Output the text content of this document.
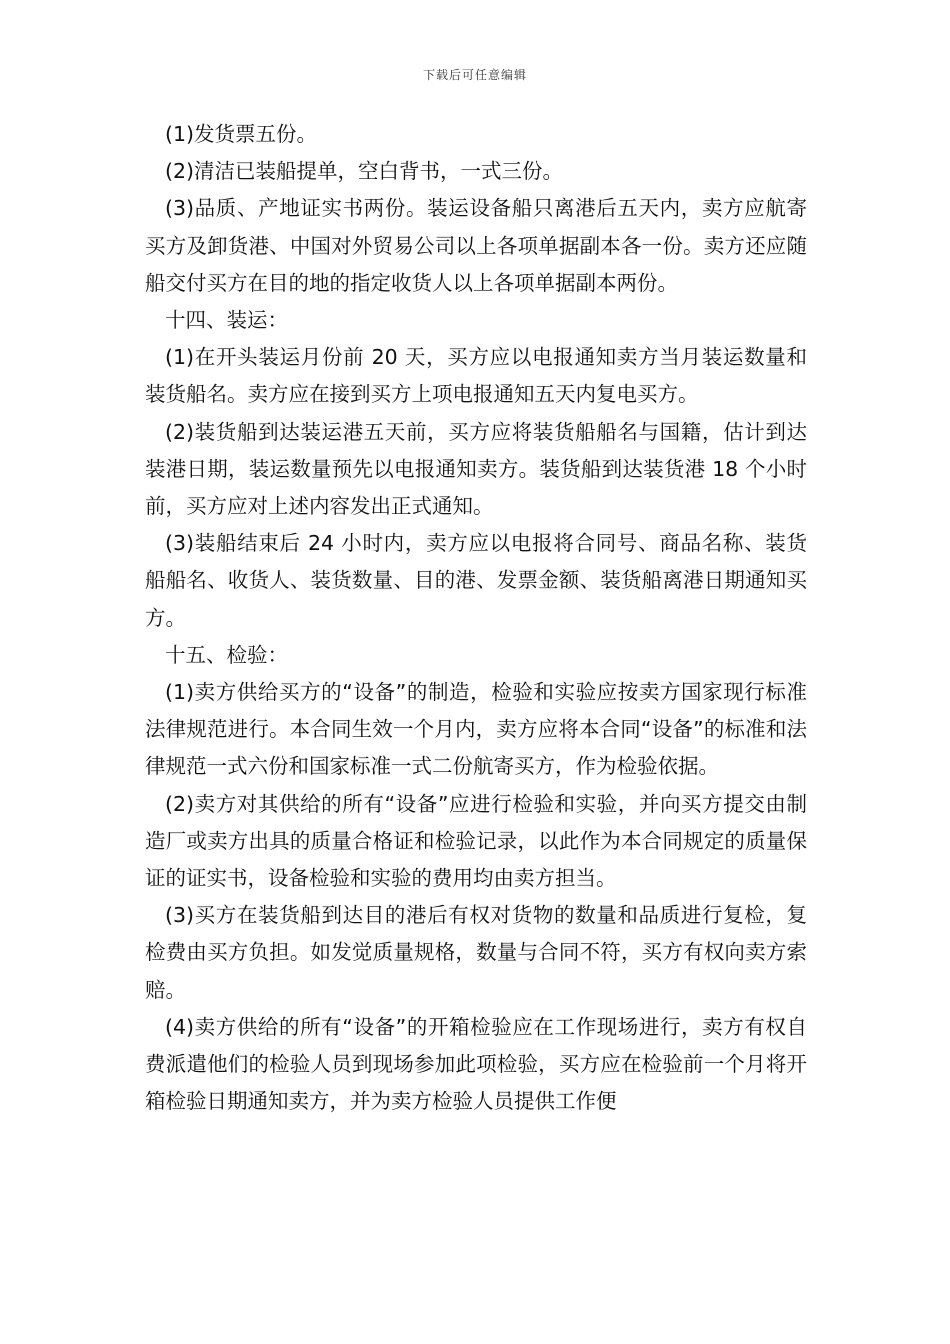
下载后可任意编辑

(1)发货票五份。

(2)清洁已装船提单，空白背书，一式三份。

(3)品质、产地证实书两份。装运设备船只离港后五天内，卖方应航寄买方及卸货港、中国对外贸易公司以上各项单据副本各一份。卖方还应随船交付买方在目的地的指定收货人以上各项单据副本两份。

十四、装运：

(1)在开头装运月份前 20 天，买方应以电报通知卖方当月装运数量和装货船名。卖方应在接到买方上项电报通知五天内复电买方。

(2)装货船到达装运港五天前，买方应将装货船船名与国籍，估计到达装港日期，装运数量预先以电报通知卖方。装货船到达装货港 18 个小时前，买方应对上述内容发出正式通知。

(3)装船结束后 24 小时内，卖方应以电报将合同号、商品名称、装货船船名、收货人、装货数量、目的港、发票金额、装货船离港日期通知买方。

十五、检验：

(1)卖方供给买方的“设备”的制造，检验和实验应按卖方国家现行标准法律规范进行。本合同生效一个月内，卖方应将本合同“设备”的标准和法律规范一式六份和国家标准一式二份航寄买方，作为检验依据。

(2)卖方对其供给的所有“设备”应进行检验和实验，并向买方提交由制造厂或卖方出具的质量合格证和检验记录，以此作为本合同规定的质量保证的证实书，设备检验和实验的费用均由卖方担当。

(3)买方在装货船到达目的港后有权对货物的数量和品质进行复检，复检费由买方负担。如发觉质量规格，数量与合同不符，买方有权向卖方索赔。

(4)卖方供给的所有“设备”的开箱检验应在工作现场进行，卖方有权自费派遣他们的检验人员到现场参加此项检验，买方应在检验前一个月将开箱检验日期通知卖方，并为卖方检验人员提供工作便
